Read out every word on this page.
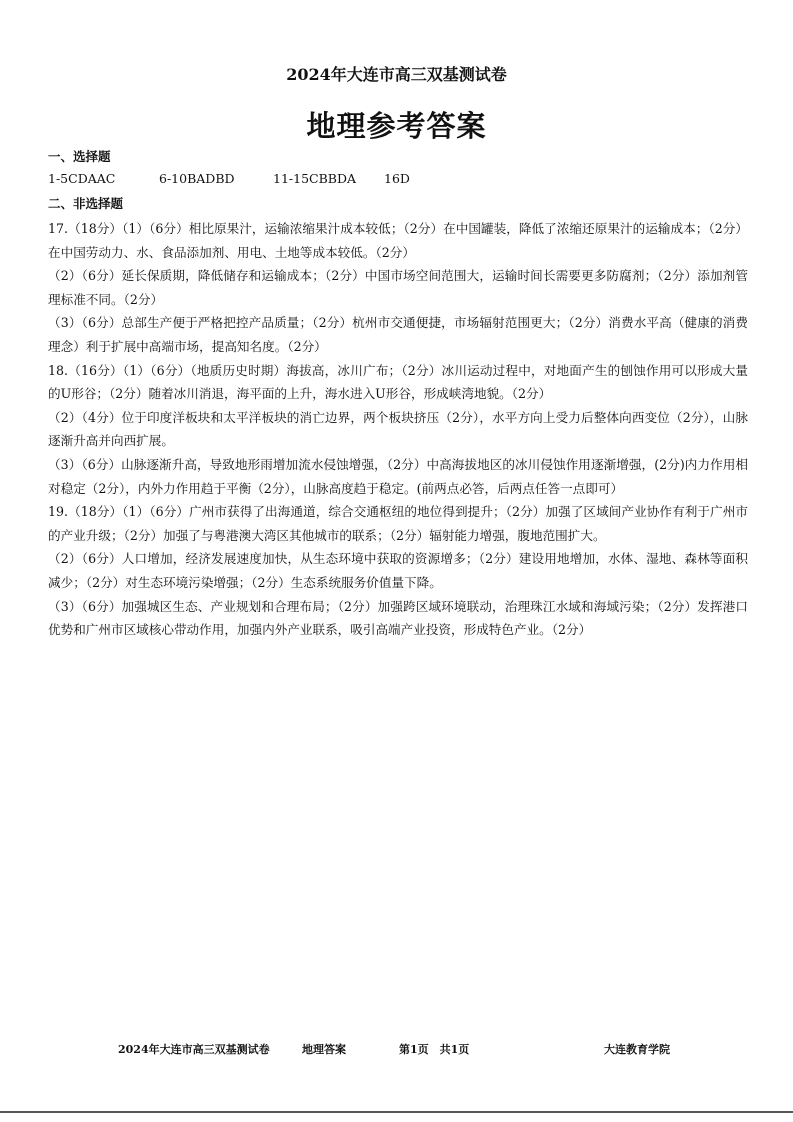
2024年大连市高三双基测试卷
地理参考答案
一、选择题
1-5CDAAC	6-10BADBD	11-15CBBDA 16D
二、非选择题

17.（18分）（1）（6分）相比原果汁，运输浓缩果汁成本较低；（2分）在中国罐装，降低了浓缩还原果汁的运输成本；（2分）在中国劳动力、水、食品添加剂、用电、土地等成本较低。（2分）

（2）（6分）延长保质期，降低储存和运输成本；（2分）中国市场空间范围大，运输时间长需要更多防腐剂；（2分）添加剂管理标准不同。（2分）

（3）（6分）总部生产便于严格把控产品质量；（2分）杭州市交通便捷，市场辐射范围更大；（2分）消费水平高（健康的消费理念）利于扩展中高端市场，提高知名度。（2分）

18.（16分）（1）（6分）（地质历史时期）海拔高，冰川广布；（2分）冰川运动过程中，对地面产生的刨蚀作用可以形成大量的U形谷；（2分）随着冰川消退，海平面的上升，海水进入U形谷，形成峡湾地貌。（2分）

（2）（4分）位于印度洋板块和太平洋板块的消亡边界，两个板块挤压（2分），水平方向上受力后整体向西变位（2分），山脉逐渐升高并向西扩展。

（3）（6分）山脉逐渐升高，导致地形雨增加流水侵蚀增强，（2分）中高海拔地区的冰川侵蚀作用逐渐增强，(2分)内力作用相对稳定（2分），内外力作用趋于平衡（2分），山脉高度趋于稳定。(前两点必答，后两点任答一点即可）

19.（18分）（1）（6分）广州市获得了出海通道，综合交通枢纽的地位得到提升；（2分）加强了区域间产业协作有利于广州市的产业升级；（2分）加强了与粤港澳大湾区其他城市的联系；（2分）辐射能力增强，腹地范围扩大。

（2）（6分）人口增加，经济发展速度加快，从生态环境中获取的资源增多；（2分）建设用地增加，水体、湿地、森林等面积减少；（2分）对生态环境污染增强；（2分）生态系统服务价值量下降。

（3）（6分）加强城区生态、产业规划和合理布局；（2分）加强跨区域环境联动，治理珠江水域和海域污染；（2分）发挥港口优势和广州市区域核心带动作用，加强内外产业联系，吸引高端产业投资，形成特色产业。（2分）

2024年大连市高三双基测试卷	地理答案	第1页　共1页	大连教育学院
